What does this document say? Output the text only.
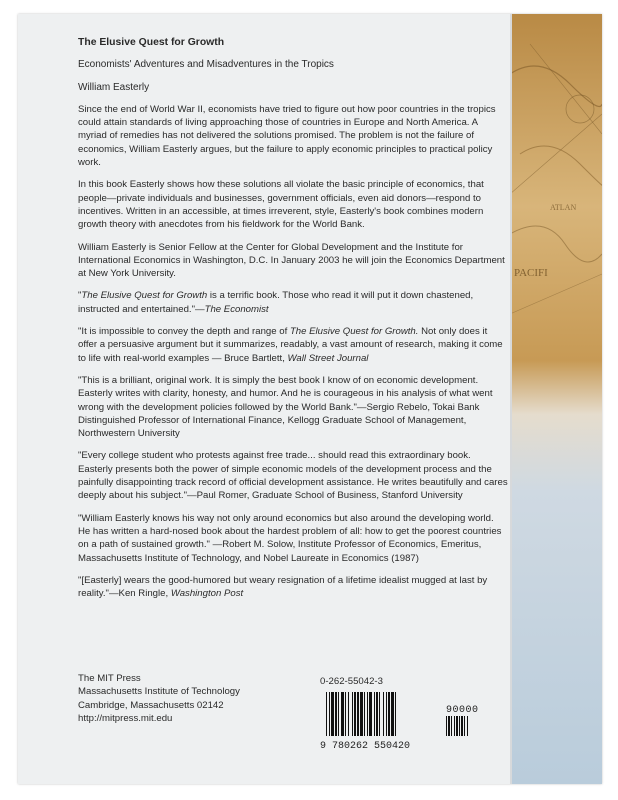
PACIFI
ATLAN

The Elusive Quest for Growth

Economists' Adventures and Misadventures in the Tropics

William Easterly

Since the end of World War II, economists have tried to figure out how poor countries in the tropics could attain standards of living approaching those of countries in Europe and North America. A myriad of remedies has not delivered the solutions promised. The problem is not the failure of economics, William Easterly argues, but the failure to apply economic principles to practical policy work.

In this book Easterly shows how these solutions all violate the basic principle of economics, that people—private individuals and businesses, government officials, even aid donors—respond to incentives. Written in an accessible, at times irreverent, style, Easterly's book combines modern growth theory with anecdotes from his fieldwork for the World Bank.

William Easterly is Senior Fellow at the Center for Global Development and the Institute for International Economics in Washington, D.C. In January 2003 he will join the Economics Department at New York University.

"The Elusive Quest for Growth is a terrific book. Those who read it will put it down chastened, instructed and entertained."—The Economist

"It is impossible to convey the depth and range of The Elusive Quest for Growth. Not only does it offer a persuasive argument but it summarizes, readably, a vast amount of research, making it come to life with real-world examples — Bruce Bartlett, Wall Street Journal

"This is a brilliant, original work. It is simply the best book I know of on economic development. Easterly writes with clarity, honesty, and humor. And he is courageous in his analysis of what went wrong with the development policies followed by the World Bank."—Sergio Rebelo, Tokai Bank Distinguished Professor of International Finance, Kellogg Graduate School of Management, Northwestern University

"Every college student who protests against free trade... should read this extraordinary book. Easterly presents both the power of simple economic models of the development process and the painfully disappointing track record of official development assistance. He writes beautifully and cares deeply about his subject."—Paul Romer, Graduate School of Business, Stanford University

"William Easterly knows his way not only around economics but also around the developing world. He has written a hard-nosed book about the hardest problem of all: how to get the poorest countries on a path of sustained growth." —Robert M. Solow, Institute Professor of Economics, Emeritus, Massachusetts Institute of Technology, and Nobel Laureate in Economics (1987)

"[Easterly] wears the good-humored but weary resignation of a lifetime idealist mugged at last by reality."—Ken Ringle, Washington Post

The MIT Press
Massachusetts Institute of Technology
Cambridge, Massachusetts 02142
http://mitpress.mit.edu
0-262-55042-3
90000
9 780262 550420
